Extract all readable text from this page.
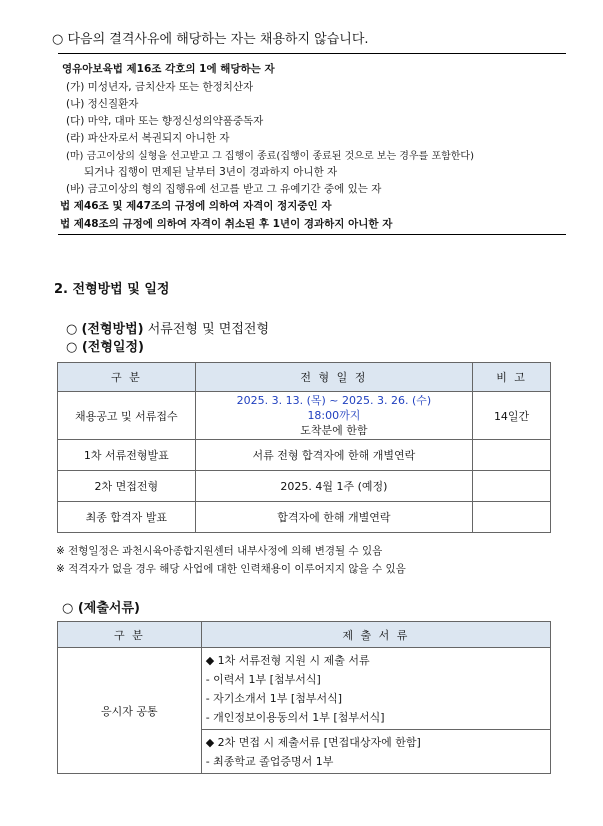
○ 다음의 결격사유에 해당하는 자는 채용하지 않습니다.
영유아보육법 제16조 각호의 1에 해당하는 자
(가) 미성년자, 금치산자 또는 한정치산자
(나) 정신질환자
(다) 마약, 대마 또는 향정신성의약품중독자
(라) 파산자로서 복권되지 아니한 자
(마) 금고이상의 실형을 선고받고 그 집행이 종료(집행이 종료된 것으로 보는 경우를 포함한다)
되거나 집행이 면제된 날부터 3년이 경과하지 아니한 자
(바) 금고이상의 형의 집행유예 선고를 받고 그 유예기간 중에 있는 자
법 제46조 및 제47조의 규정에 의하여 자격이 정지중인 자
법 제48조의 규정에 의하여 자격이 취소된 후 1년이 경과하지 아니한 자
2. 전형방법 및 일정
○ (전형방법) 서류전형 및 면접전형
○ (전형일정)
구 분	전 형 일 정	비 고
채용공고 및 서류접수	2025. 3. 13. (목) ~ 2025. 3. 26. (수)
18:00까지
도착분에 한함	14일간
1차 서류전형발표	서류 전형 합격자에 한해 개별연락	
2차 면접전형	2025. 4월 1주 (예정)	
최종 합격자 발표	합격자에 한해 개별연락	
※ 전형일정은 과천시육아종합지원센터 내부사정에 의해 변경될 수 있음
※ 적격자가 없을 경우 해당 사업에 대한 인력채용이 이루어지지 않을 수 있음
○ (제출서류)
구 분	제 출 서 류
응시자 공통	◆ 1차 서류전형 지원 시 제출 서류
- 이력서 1부 [첨부서식]
- 자기소개서 1부 [첨부서식]
- 개인정보이용동의서 1부 [첨부서식]

	◆ 2차 면접 시 제출서류 [면접대상자에 한함]
- 최종학교 졸업증명서 1부
